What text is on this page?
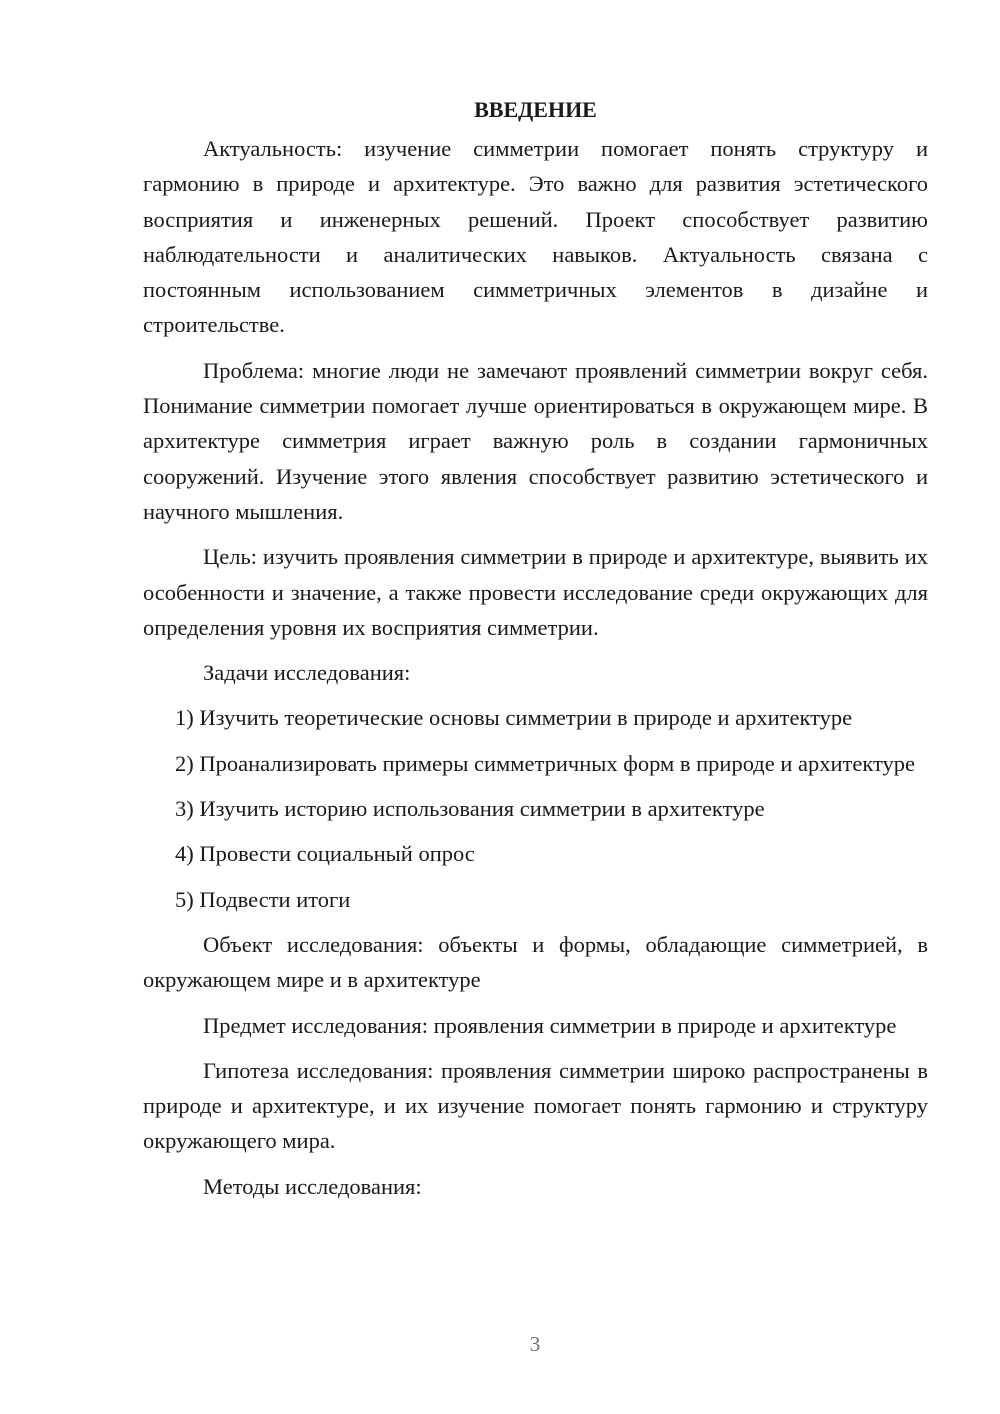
ВВЕДЕНИЕ

Актуальность: изучение симметрии помогает понять структуру и гармонию в природе и архитектуре. Это важно для развития эстетического восприятия и инженерных решений. Проект способствует развитию наблюдательности и аналитических навыков. Актуальность связана с постоянным использованием симметричных элементов в дизайне и строительстве.

Проблема: многие люди не замечают проявлений симметрии вокруг себя. Понимание симметрии помогает лучше ориентироваться в окружающем мире. В архитектуре симметрия играет важную роль в создании гармоничных сооружений. Изучение этого явления способствует развитию эстетического и научного мышления.

Цель: изучить проявления симметрии в природе и архитектуре, выявить их особенности и значение, а также провести исследование среди окружающих для определения уровня их восприятия симметрии.

Задачи исследования:

1) Изучить теоретические основы симметрии в природе и архитектуре

2) Проанализировать примеры симметричных форм в природе и архитектуре

3) Изучить историю использования симметрии в архитектуре

4) Провести социальный опрос

5) Подвести итоги

Объект исследования: объекты и формы, обладающие симметрией, в окружающем мире и в архитектуре

Предмет исследования: проявления симметрии в природе и архитектуре

Гипотеза исследования: проявления симметрии широко распространены в природе и архитектуре, и их изучение помогает понять гармонию и структуру окружающего мира.

Методы исследования:

3
